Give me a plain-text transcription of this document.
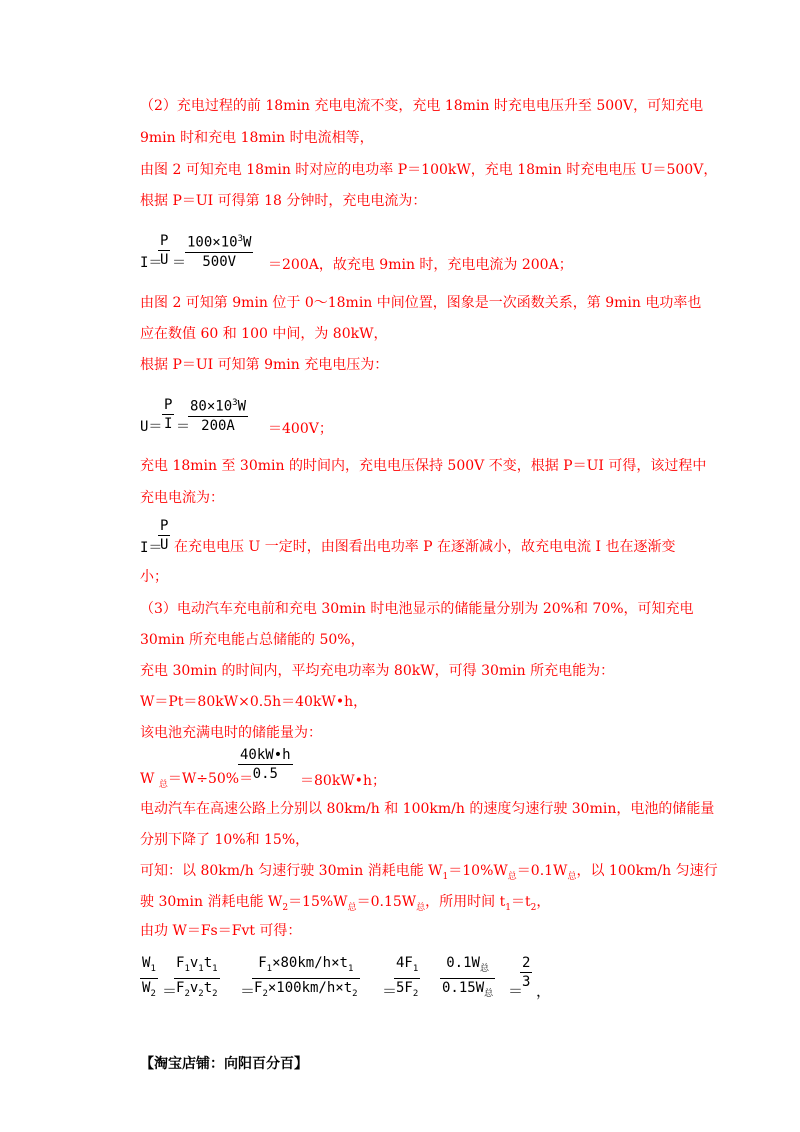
（2）充电过程的前 18min 充电电流不变，充电 18min 时充电电压升至 500V，可知充电
9min 时和充电 18min 时电流相等，
由图 2 可知充电 18min 时对应的电功率 P＝100kW，充电 18min 时充电电压 U＝500V，
根据 P＝UI 可得第 18 分钟时，充电电流为：
I＝
$\frac{P}{U} = \frac{100\times 10^3W}{500V} =200A$，故充电 9min 时，充电电流为 200A；
由图 2 可知第 9min 位于 0～18min 中间位置，图象是一次函数关系，第 9min 电功率也
应在数值 60 和 100 中间，为 80kW，
根据 P＝UI 可知第 9min 充电电压为：
$U= \frac{P}{I}$ ＝
$\frac{80\times 10^3W}{200A} =400V$；
充电 18min 至 30min 的时间内，充电电压保持 500V 不变，根据 P＝UI 可得，该过程中
充电电流为：
I＝
$\frac{P}{U}$ 在充电电压 U 一定时，由图看出电功率 P 在逐渐减小，故充电电流 I 也在逐渐变
小；
（3）电动汽车充电前和充电 30min 时电池显示的储能量分别为 20%和 70%，可知充电
30min 所充电能占总储能的 50%，
充电 30min 的时间内，平均充电功率为 80kW，可得 30min 所充电能为：
W＝Pt＝80kW×0.5h＝40kW•h，
该电池充满电时的储能量为：
W $_总$＝W÷50%＝
$\frac{40kW•h}{0.5}$ ＝80kW•h；
电动汽车在高速公路上分别以 80km/h 和 100km/h 的速度匀速行驶 30min，电池的储能量
分别下降了 10%和 15%，
可知：以 80km/h 匀速行驶 30min 消耗电能 $W_1=10\%W_总=0.1W_总$，以 100km/h 匀速行
驶 30min 消耗电能 $W_2=15\%W_总=0.15W_总$，所用时间 $t_1=t_2$，
由功 W＝Fs＝Fvt 可得：
$\frac{W_1}{W_2}$ ＝
$\frac{F_1v_1t_1}{F_2v_2t_2}$ ＝
$\frac{F_1\times 80km/h\times t_1}{F_2\times 100km/h\times t_2}$ ＝
$\frac{4F_1}{5F_2}$	$0.1W_总$
$0.15W_总$ ＝
$\frac{2}{3}$ ，
【淘宝店铺：向阳百分百】
